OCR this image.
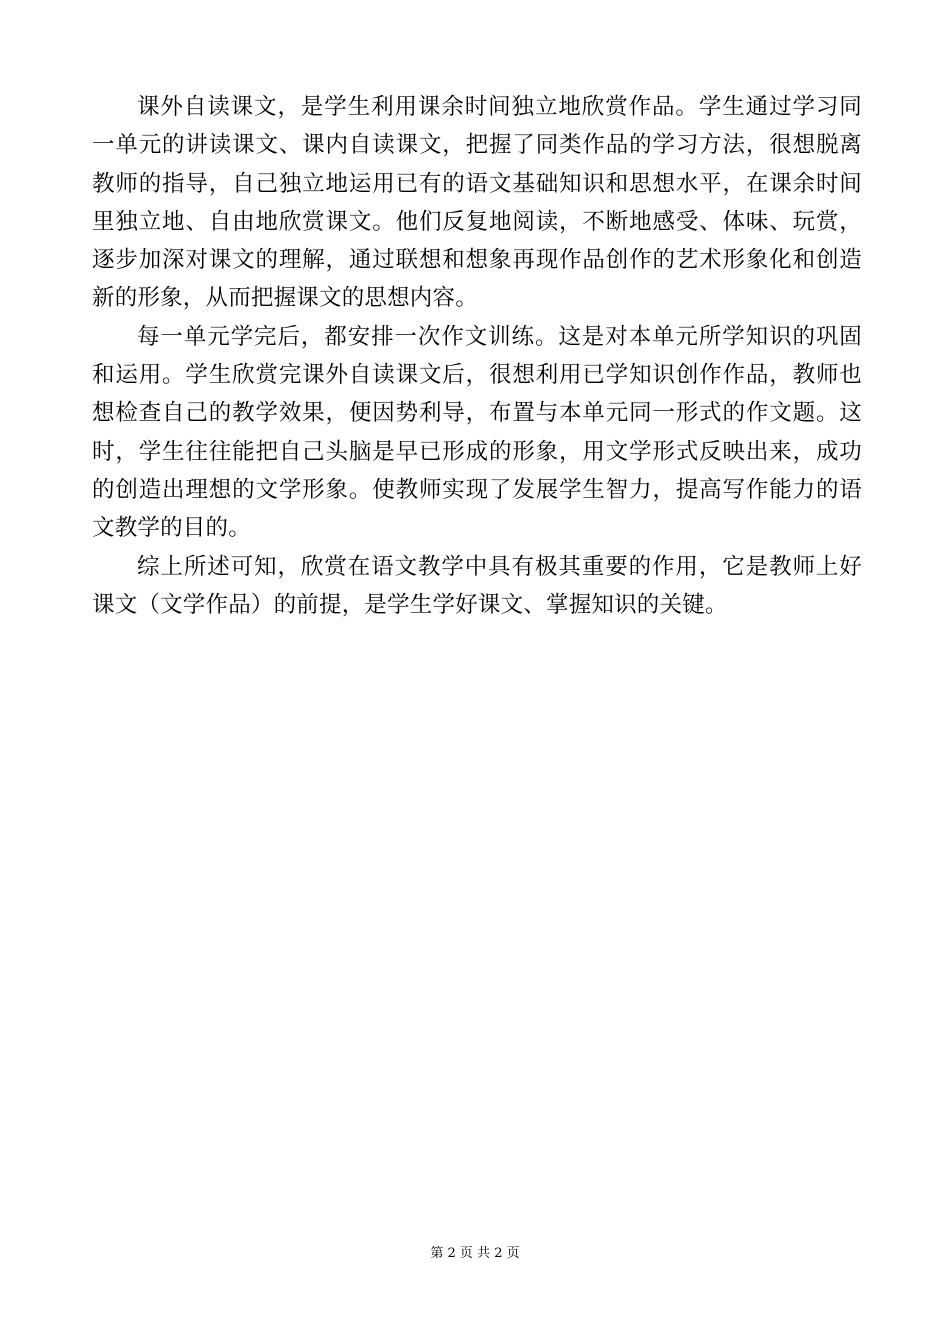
课外自读课文，是学生利用课余时间独立地欣赏作品。学生通过学习同一单元的讲读课文、课内自读课文，把握了同类作品的学习方法，很想脱离教师的指导，自己独立地运用已有的语文基础知识和思想水平，在课余时间里独立地、自由地欣赏课文。他们反复地阅读，不断地感受、体味、玩赏，逐步加深对课文的理解，通过联想和想象再现作品创作的艺术形象化和创造新的形象，从而把握课文的思想内容。

每一单元学完后，都安排一次作文训练。这是对本单元所学知识的巩固和运用。学生欣赏完课外自读课文后，很想利用已学知识创作作品，教师也想检查自己的教学效果，便因势利导，布置与本单元同一形式的作文题。这时，学生往往能把自己头脑是早已形成的形象，用文学形式反映出来，成功的创造出理想的文学形象。使教师实现了发展学生智力，提高写作能力的语文教学的目的。

综上所述可知，欣赏在语文教学中具有极其重要的作用，它是教师上好课文（文学作品）的前提，是学生学好课文、掌握知识的关键。

第 2 页 共 2 页
